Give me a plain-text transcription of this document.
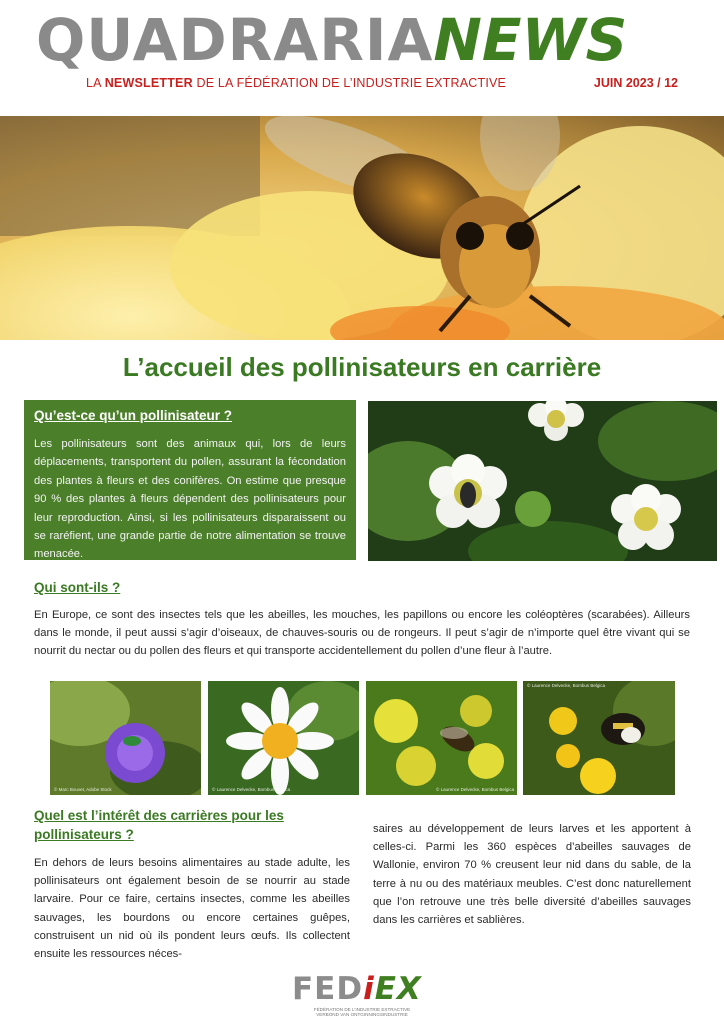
QUADRARIANEWS
LA NEWSLETTER DE LA FÉDÉRATION DE L’INDUSTRIE EXTRACTIVE	JUIN 2023 / 12
L’accueil des pollinisateurs en carrière
Qu’est-ce qu’un pollinisateur ?

Les pollinisateurs sont des animaux qui, lors de leurs déplacements, transportent du pollen, assurant la fécondation des plantes à fleurs et des conifères. On estime que presque 90 % des plantes à fleurs dépendent des pollinisateurs pour leur reproduction. Ainsi, si les pollinisateurs disparaissent ou se raréfient, une grande partie de notre alimentation se trouve menacée.

Qui sont-ils ?

En Europe, ce sont des insectes tels que les abeilles, les mouches, les papillons ou encore les coléoptères (scarabées). Ailleurs dans le monde, il peut aussi s’agir d’oiseaux, de chauves-souris ou de rongeurs. Il peut s’agir de n’importe quel être vivant qui se nourrit du nectar ou du pollen des fleurs et qui transporte accidentellement du pollen d’une fleur à l’autre.

© Marc Bouvet, Adobe Stock	© Laurence Delvecke, Bombus Belgica	© Laurence Delvecke, Bombus Belgica
© Laurence Delvecke, Bombus Belgica
Quel est l’intérêt des carrières pour les
pollinisateurs ?

En dehors de leurs besoins alimentaires au stade adulte, les pollinisateurs ont également besoin de se nourrir au stade larvaire. Pour ce faire, certains insectes, comme les abeilles sauvages, les bourdons ou encore certaines guêpes, construisent un nid où ils pondent leurs œufs. Ils collectent ensuite les ressources néces-

saires au développement de leurs larves et les apportent à celles-ci. Parmi les 360 espèces d’abeilles sauvages de Wallonie, environ 70 % creusent leur nid dans du sable, de la terre à nu ou des matériaux meubles. C’est donc naturellement que l’on retrouve une très belle diversité d’abeilles sauvages dans les carrières et sablières.

FEDiEX
FÉDÉRATION DE L’INDUSTRIE EXTRACTIVE
VERBOND VAN ONTGINNINGSINDUSTRIE
